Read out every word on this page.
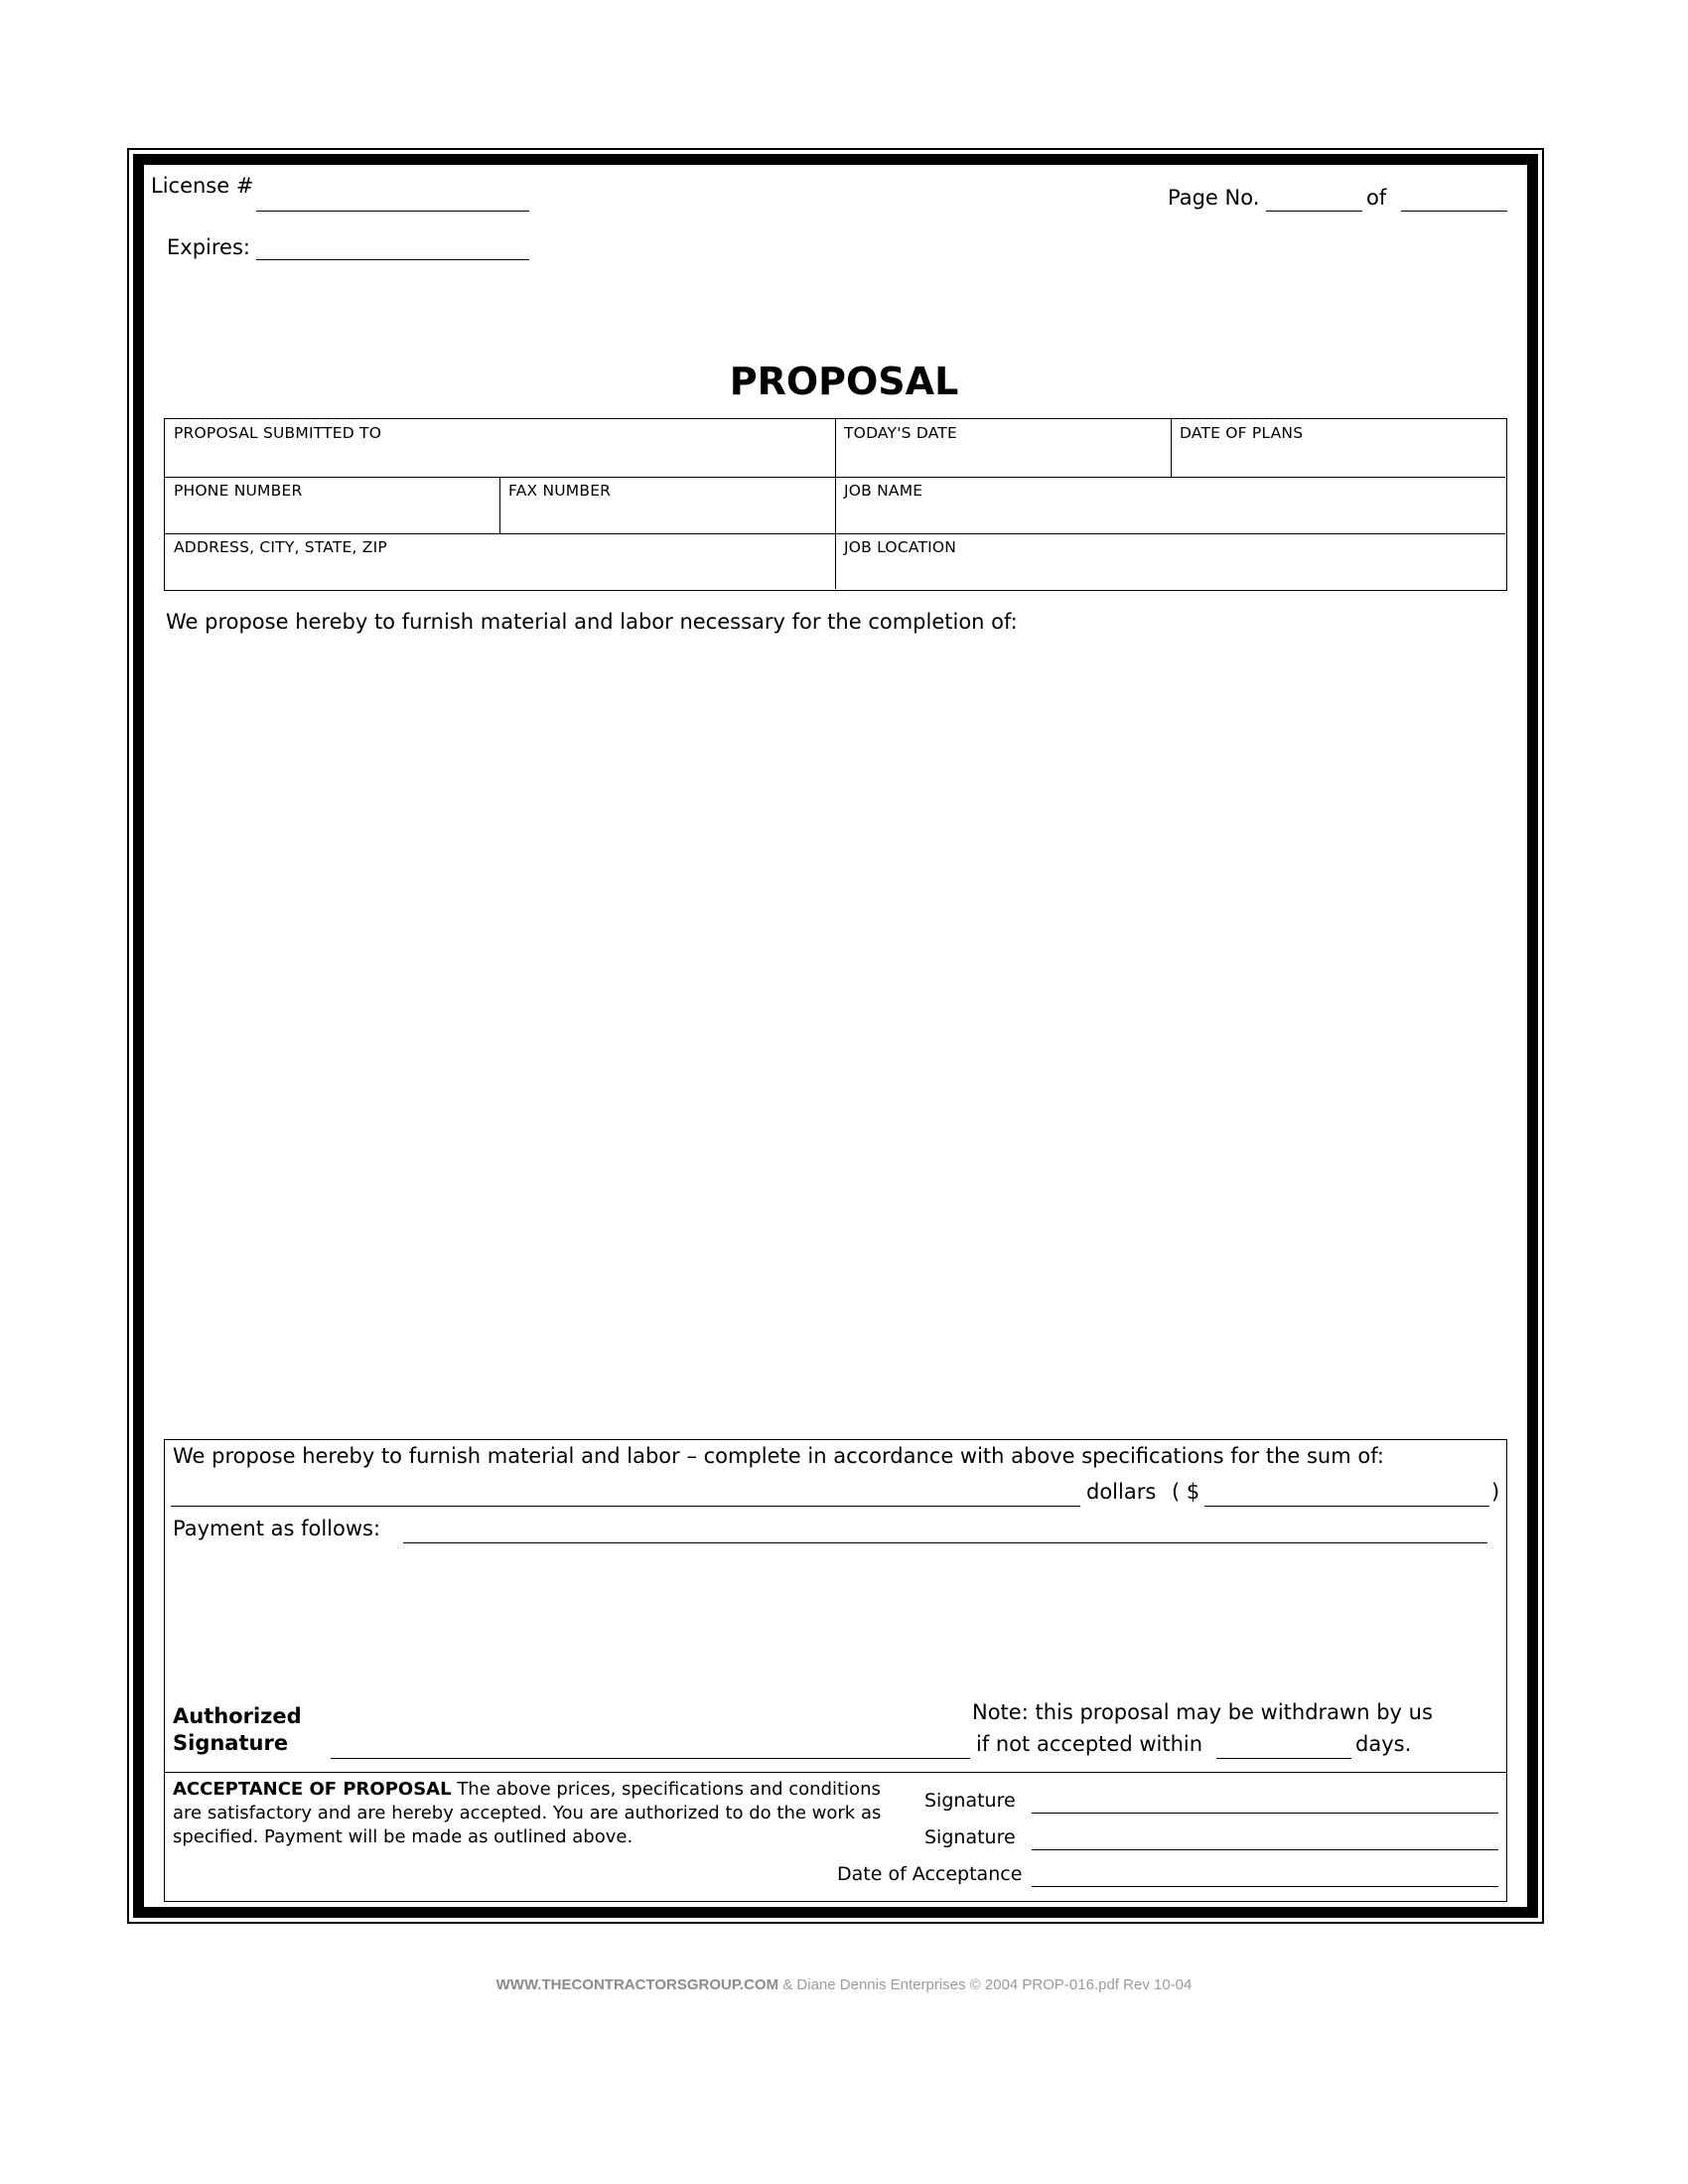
License #
Expires:
Page No.	of
PROPOSAL
PROPOSAL SUBMITTED TO	TODAY'S DATE	DATE OF PLANS
PHONE NUMBER	FAX NUMBER	JOB NAME
ADDRESS, CITY, STATE, ZIP	JOB LOCATION
We propose hereby to furnish material and labor necessary for the completion of:
We propose hereby to furnish material and labor – complete in accordance with above specifications for the sum of:
dollars ( $	)
Payment as follows:
Authorized
Signature
Note: this proposal may be withdrawn by us
if not accepted within	days.
ACCEPTANCE OF PROPOSAL The above prices, specifications and conditions are satisfactory and are hereby accepted. You are authorized to do the work as specified. Payment will be made as outlined above.
Signature
Signature
Date of Acceptance
WWW.THECONTRACTORSGROUP.COM & Diane Dennis Enterprises © 2004 PROP-016.pdf Rev 10-04
